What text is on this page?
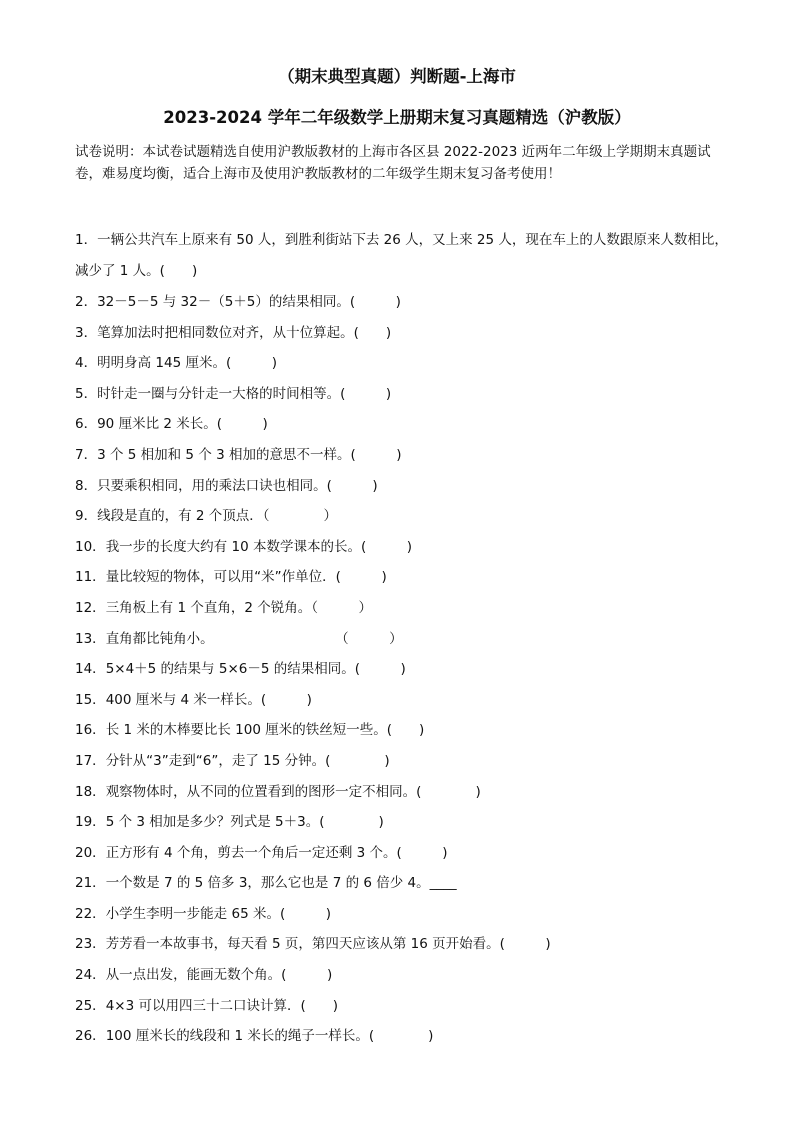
（期末典型真题）判断题-上海市
2023-2024 学年二年级数学上册期末复习真题精选（沪教版）
试卷说明：本试卷试题精选自使用沪教版教材的上海市各区县 2022-2023 近两年二年级上学期期末真题试
卷，难易度均衡，适合上海市及使用沪教版教材的二年级学生期末复习备考使用！
1．一辆公共汽车上原来有 50 人，到胜利街站下去 26 人，又上来 25 人，现在车上的人数跟原来人数相比，
减少了 1 人。(　　)
2． 32－5－5 与 32－（5＋5）的结果相同。(　　　)
3． 笔算加法时把相同数位对齐，从十位算起。(　　)
4． 明明身高 145 厘米。(　　　)
5． 时针走一圈与分针走一大格的时间相等。(　　　)
6． 90 厘米比 2 米长。(　　　)
7． 3 个 5 相加和 5 个 3 相加的意思不一样。(　　　)
8． 只要乘积相同，用的乘法口诀也相同。(　　　)
9． 线段是直的，有 2 个顶点．（　　　　）
10． 我一步的长度大约有 10 本数学课本的长。(　　　)
11． 量比较短的物体，可以用“米”作单位．(　　　)
12． 三角板上有 1 个直角，2 个锐角。（　　　）
13． 直角都比钝角小。　　　　　　　　　　（　　　）
14． 5×4＋5 的结果与 5×6－5 的结果相同。(　　　)
15． 400 厘米与 4 米一样长。(　　　)
16． 长 1 米的木棒要比长 100 厘米的铁丝短一些。(　　)
17． 分针从“3”走到“6”，走了 15 分钟。(　　　　)
18． 观察物体时，从不同的位置看到的图形一定不相同。(　　　　)
19． 5 个 3 相加是多少？列式是 5＋3。(　　　　)
20． 正方形有 4 个角，剪去一个角后一定还剩 3 个。(　　　)
21． 一个数是 7 的 5 倍多 3，那么它也是 7 的 6 倍少 4。____
22． 小学生李明一步能走 65 米。(　　　)
23． 芳芳看一本故事书，每天看 5 页，第四天应该从第 16 页开始看。(　　　)
24． 从一点出发，能画无数个角。(　　　)
25． 4×3 可以用四三十二口诀计算．(　　)
26． 100 厘米长的线段和 1 米长的绳子一样长。(　　　　)
